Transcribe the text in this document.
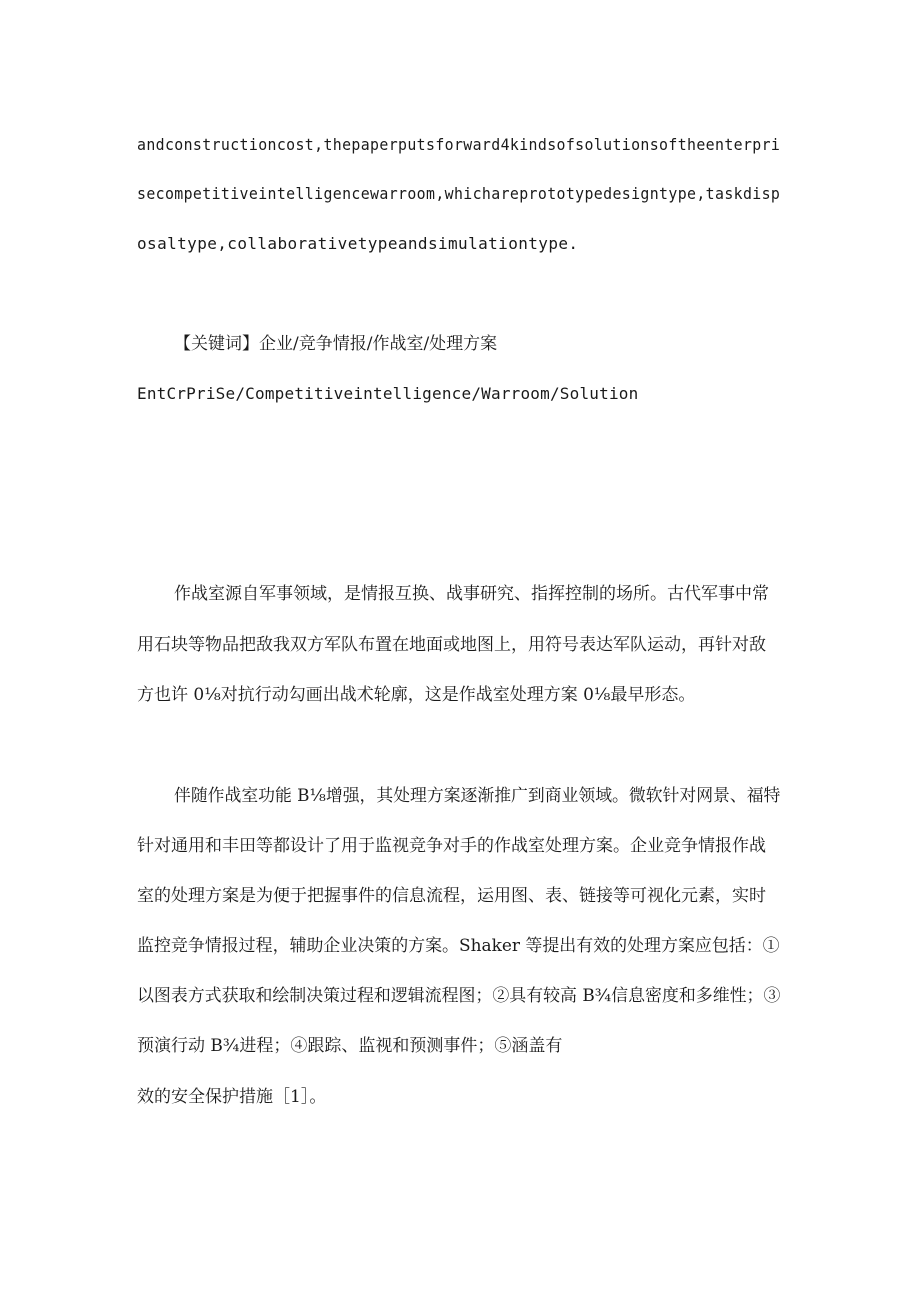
andconstructioncost,thepaperputsforward4kindsofsolutionsoftheenterpri
secompetitiveintelligencewarroom,whichareprototypedesigntype,taskdisp
osaltype,collaborativetypeandsimulationtype.
【关键词】企业/竞争情报/作战室/处理方案
EntCrPriSe/Competitiveintelligence/Warroom/Solution
作战室源自军事领域，是情报互换、战事研究、指挥控制的场所。古代军事中常
用石块等物品把敌我双方军队布置在地面或地图上，用符号表达军队运动，再针对敌
方也许 0⅛对抗行动勾画出战术轮廓，这是作战室处理方案 0⅛最早形态。
伴随作战室功能 B⅛增强，其处理方案逐渐推广到商业领域。微软针对网景、福特
针对通用和丰田等都设计了用于监视竞争对手的作战室处理方案。企业竞争情报作战
室的处理方案是为便于把握事件的信息流程，运用图、表、链接等可视化元素，实时
监控竞争情报过程，辅助企业决策的方案。Shaker 等提出有效的处理方案应包括：①
以图表方式获取和绘制决策过程和逻辑流程图；②具有较高 B¾信息密度和多维性；③
预演行动 B¾进程；④跟踪、监视和预测事件；⑤涵盖有
效的安全保护措施［1］。
